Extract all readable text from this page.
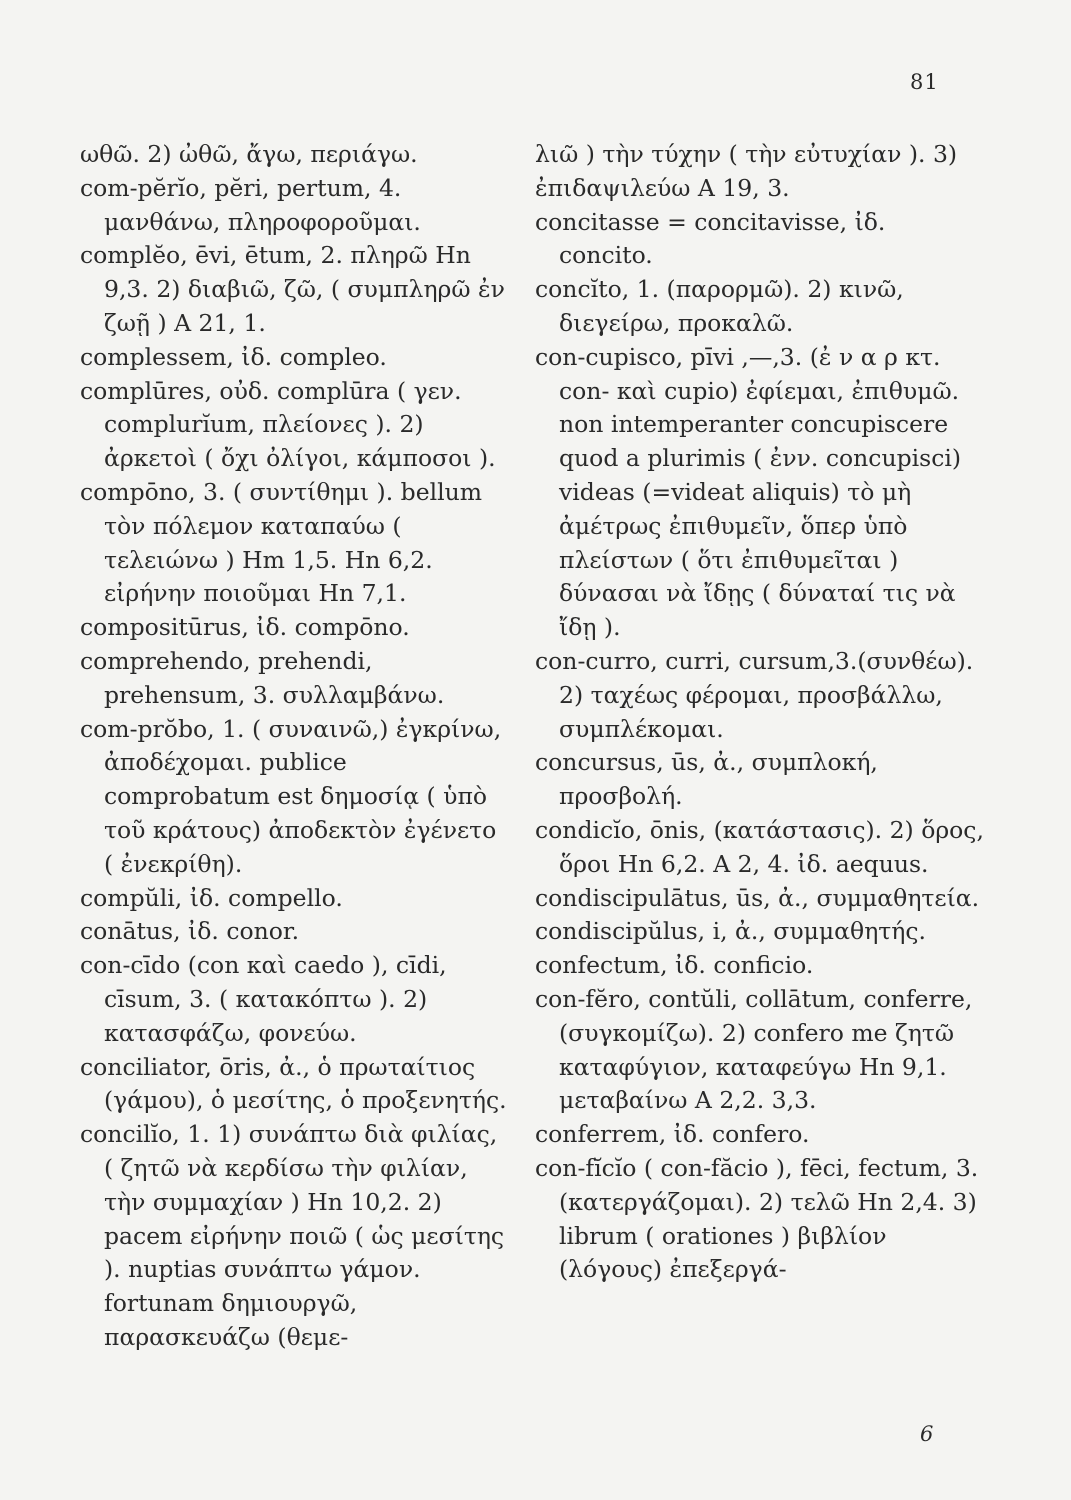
81

ωθῶ. 2) ὠθῶ, ἄγω, περιάγω.

com-pĕrĭo, pĕri, pertum, 4. μανθάνω, πληροφοροῦμαι.

complĕo, ēvi, ētum, 2. πληρῶ Hn 9,3. 2) διαβιῶ, ζῶ, ( συμπληρῶ ἐν ζωῇ ) A 21, 1.

complessem, ἰδ. compleo.

complūres, οὐδ. complūra ( γεν. complurĭum, πλείονες ). 2) ἀρκετοὶ ( ὄχι ὀλίγοι, κάμποσοι ).

compōno, 3. ( συντίθημι ). bellum τὸν πόλεμον καταπαύω ( τελειώνω ) Hm 1,5. Hn 6,2. εἰρήνην ποιοῦμαι Hn 7,1.

compositūrus, ἰδ. compōno.

comprehendo, prehendi, prehensum, 3. συλλαμβάνω.

com-prŏbo, 1. ( συναινῶ,) ἐγκρίνω, ἀποδέχομαι. publice comprobatum est δημοσίᾳ ( ὑπὸ τοῦ κράτους) ἀποδεκτὸν ἐγένετο ( ἐνεκρίθη).

compŭli, ἰδ. compello.

conātus, ἰδ. conor.

con-cīdo (con καὶ caedo ), cīdi, cīsum, 3. ( κατακόπτω ). 2) κατασφάζω, φονεύω.

conciliator, ōris, ἀ., ὁ πρωταίτιος (γάμου), ὁ μεσίτης, ὁ προξενητής.

concilĭo, 1. 1) συνάπτω διὰ φιλίας, ( ζητῶ νὰ κερδίσω τὴν φιλίαν, τὴν συμμαχίαν ) Hn 10,2. 2) pacem εἰρήνην ποιῶ ( ὡς μεσίτης ). nuptias συνάπτω γάμον. fortunam δημιουργῶ, παρασκευάζω (θεμε-

λιῶ ) τὴν τύχην ( τὴν εὐτυχίαν ). 3) ἐπιδαψιλεύω A 19, 3.

concitasse = concitavisse, ἰδ. concito.

concĭto, 1. (παρορμῶ). 2) κινῶ, διεγείρω, προκαλῶ.

con-cupisco, pīvi ,—,3. (ἐ ν α ρ κτ. con- καὶ cupio) ἐφίεμαι, ἐπιθυμῶ. non intemperanter concupiscere quod a plurimis ( ἐνν. concupisci) videas (=videat aliquis) τὸ μὴ ἀμέτρως ἐπιθυμεῖν, ὅπερ ὑπὸ πλείστων ( ὅτι ἐπιθυμεῖται ) δύνασαι νὰ ἴδῃς ( δύναταί τις νὰ ἴδῃ ).

con-curro, curri, cursum,3.(συνθέω). 2) ταχέως φέρομαι, προσβάλλω, συμπλέκομαι.

concursus, ūs, ἀ., συμπλοκή, προσβολή.

condicĭo, ōnis, (κατάστασις). 2) ὅρος, ὅροι Hn 6,2. A 2, 4. ἰδ. aequus.

condiscipulātus, ūs, ἀ., συμμαθητεία.

condiscipŭlus, i, ἀ., συμμαθητής.

confectum, ἰδ. conficio.

con-fĕro, contŭli, collātum, conferre, (συγκομίζω). 2) confero me ζητῶ καταφύγιον, καταφεύγω Hn 9,1. μεταβαίνω A 2,2. 3,3.

conferrem, ἰδ. confero.

con-fĭcĭo ( con-făcio ), fēci, fectum, 3. (κατεργάζομαι). 2) τελῶ Hn 2,4. 3) librum ( orationes ) βιβλίον (λόγους) ἐπεξεργά-

6
